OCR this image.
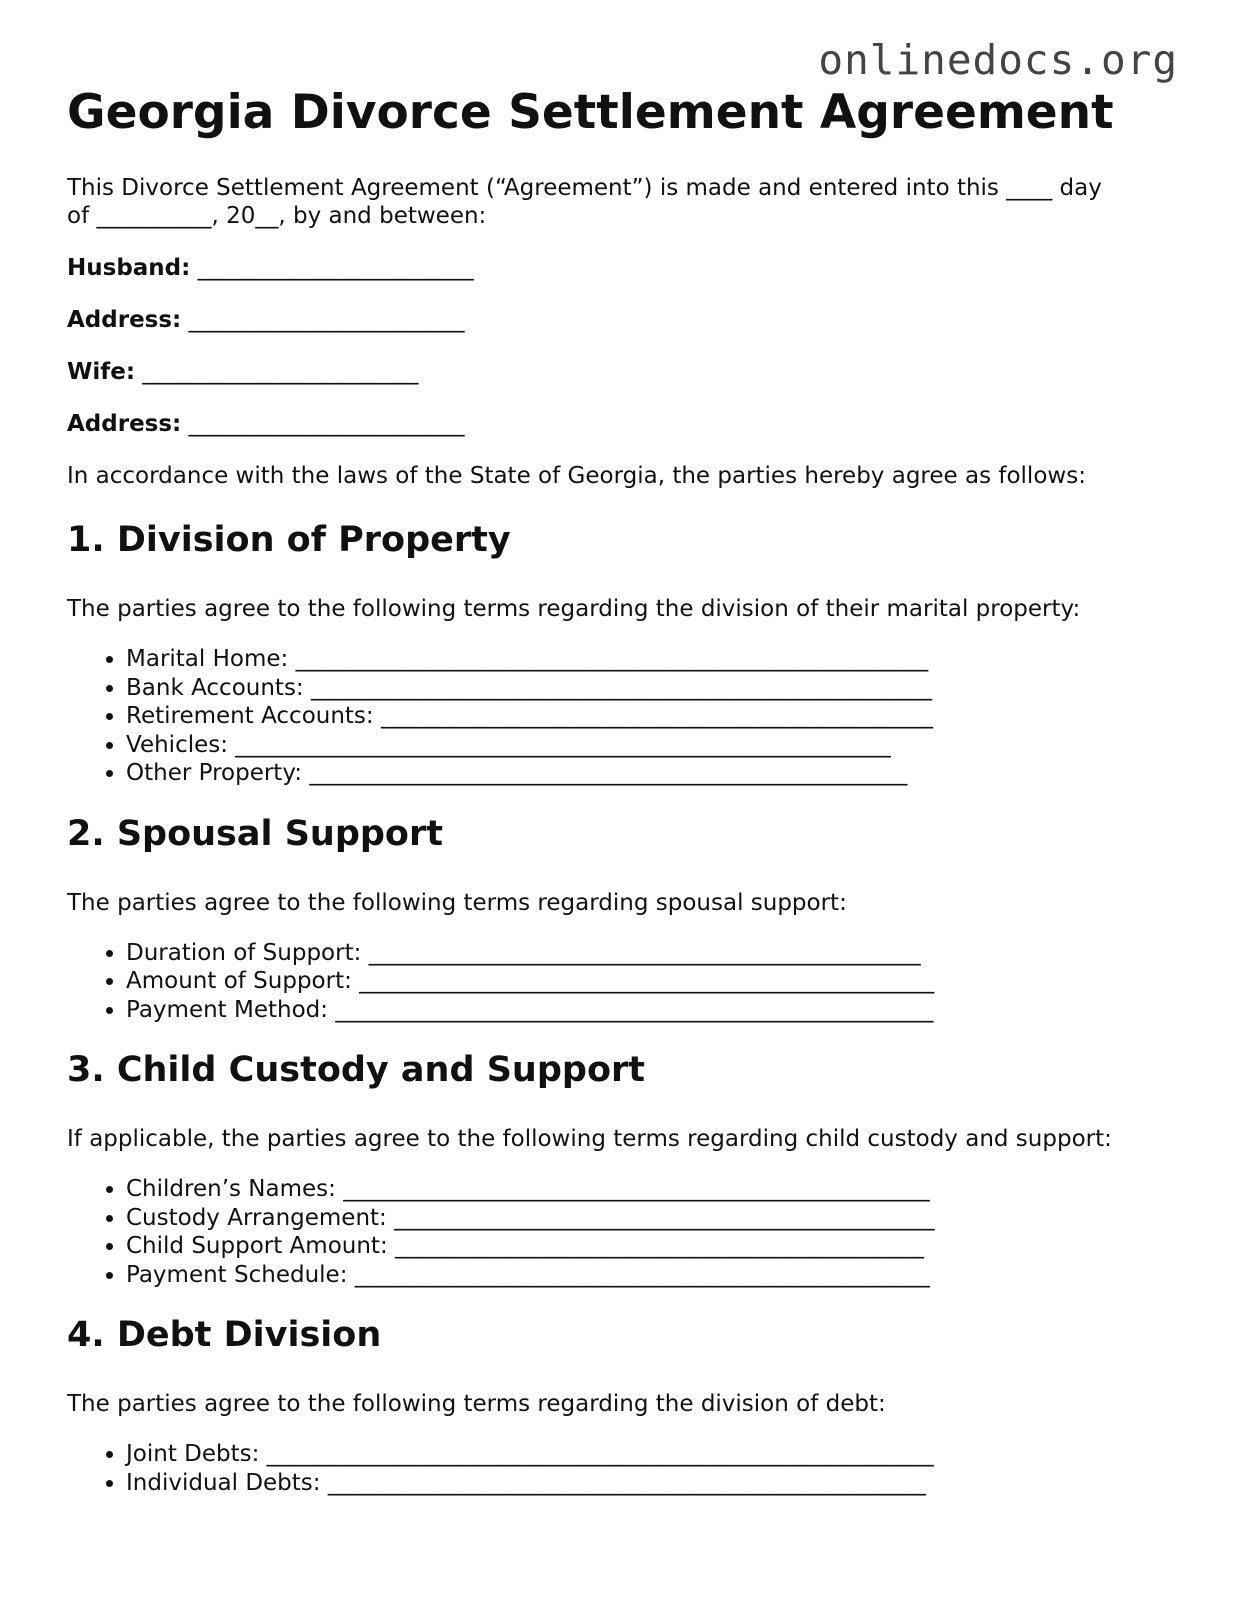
onlinedocs.org
Georgia Divorce Settlement Agreement

This Divorce Settlement Agreement (“Agreement”) is made and entered into this ____ day
of __________, 20__, by and between:

Husband: ________________________
Address: ________________________
Wife: ________________________
Address: ________________________

In accordance with the laws of the State of Georgia, the parties hereby agree as follows:

1. Division of Property

The parties agree to the following terms regarding the division of their marital property:

• Marital Home: _______________________________________________________
• Bank Accounts: ______________________________________________________
• Retirement Accounts: ________________________________________________
• Vehicles: _________________________________________________________
• Other Property: ____________________________________________________
2. Spousal Support

The parties agree to the following terms regarding spousal support:

• Duration of Support: ________________________________________________
• Amount of Support: __________________________________________________
• Payment Method: ____________________________________________________
3. Child Custody and Support

If applicable, the parties agree to the following terms regarding child custody and support:

• Children’s Names: ___________________________________________________
• Custody Arrangement: _______________________________________________
• Child Support Amount: ______________________________________________
• Payment Schedule: __________________________________________________
4. Debt Division

The parties agree to the following terms regarding the division of debt:

• Joint Debts: __________________________________________________________
• Individual Debts: ____________________________________________________
